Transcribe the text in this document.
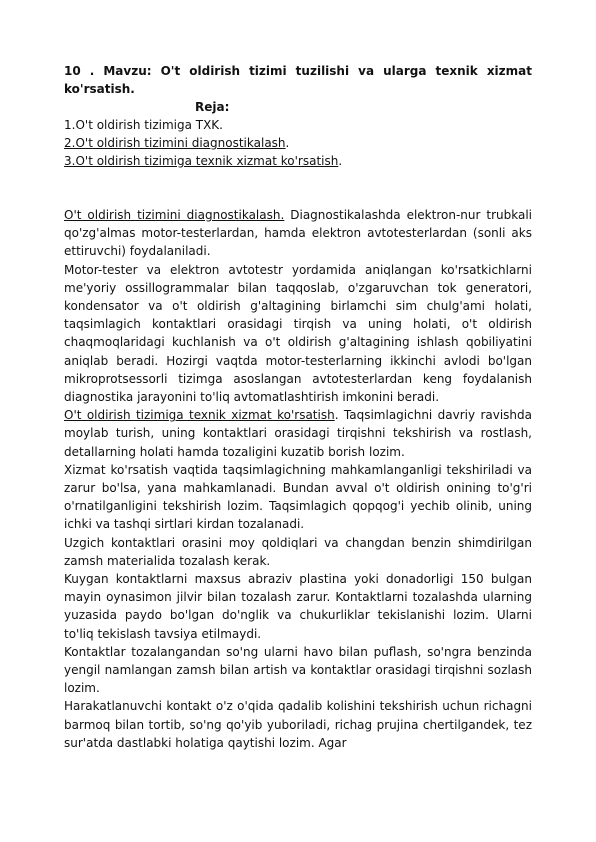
10 . Mavzu: O't oldirish tizimi tuzilishi va ularga texnik xizmat ko'rsatish.

Reja:

1.O't oldirish tizimiga TXK.

2.O't oldirish tizimini diagnostikalash.

3.O't oldirish tizimiga texnik xizmat ko'rsatish.

O't oldirish tizimini diagnostikalash. Diagnostikalashda elektron-nur trubkali qo'zg'almas motor-testerlardan, hamda elektron avtotesterlardan (sonli aks ettiruvchi) foydalaniladi.

Motor-tester va elektron avtotestr yordamida aniqlangan ko'rsatkichlarni me'yoriy ossillogrammalar bilan taqqoslab, o'zgaruvchan tok generatori, kondensator va o't oldirish g'altagining birlamchi sim chulg'ami holati, taqsimlagich kontaktlari orasidagi tirqish va uning holati, o't oldirish chaqmoqlaridagi kuchlanish va o't oldirish g'altagining ishlash qobiliyatini aniqlab beradi. Hozirgi vaqtda motor-testerlarning ikkinchi avlodi bo'lgan mikroprotsessorli tizimga asoslangan avtotesterlardan keng foydalanish diagnostika jarayonini to'liq avtomatlashtirish imkonini beradi.

O't oldirish tizimiga texnik xizmat ko'rsatish. Taqsimlagichni davriy ravishda moylab turish, uning kontaktlari orasidagi tirqishni tekshirish va rostlash, detallarning holati hamda tozaligini kuzatib borish lozim.

Xizmat ko'rsatish vaqtida taqsimlagichning mahkamlanganligi tekshiriladi va zarur bo'lsa, yana mahkamlanadi. Bundan avval o't oldirish onining to'g'ri o'rnatilganligini tekshirish lozim. Taqsimlagich qopqog'i yechib olinib, uning ichki va tashqi sirtlari kirdan tozalanadi.

Uzgich kontaktlari orasini moy qoldiqlari va changdan benzin shimdirilgan zamsh materialida tozalash kerak.

Kuygan kontaktlarni maxsus abraziv plastina yoki donadorligi 150 bulgan mayin oynasimon jilvir bilan tozalash zarur. Kontaktlarni tozalashda ularning yuzasida paydo bo'lgan do'nglik va chukurliklar tekislanishi lozim. Ularni to'liq tekislash tavsiya etilmaydi.

Kontaktlar tozalangandan so'ng ularni havo bilan puflash, so'ngra benzinda yengil namlangan zamsh bilan artish va kontaktlar orasidagi tirqishni sozlash lozim.

Harakatlanuvchi kontakt o'z o'qida qadalib kolishini tekshirish uchun richagni barmoq bilan tortib, so'ng qo'yib yuboriladi, richag prujina chertilgandek, tez sur'atda dastlabki holatiga qaytishi lozim. Agar
